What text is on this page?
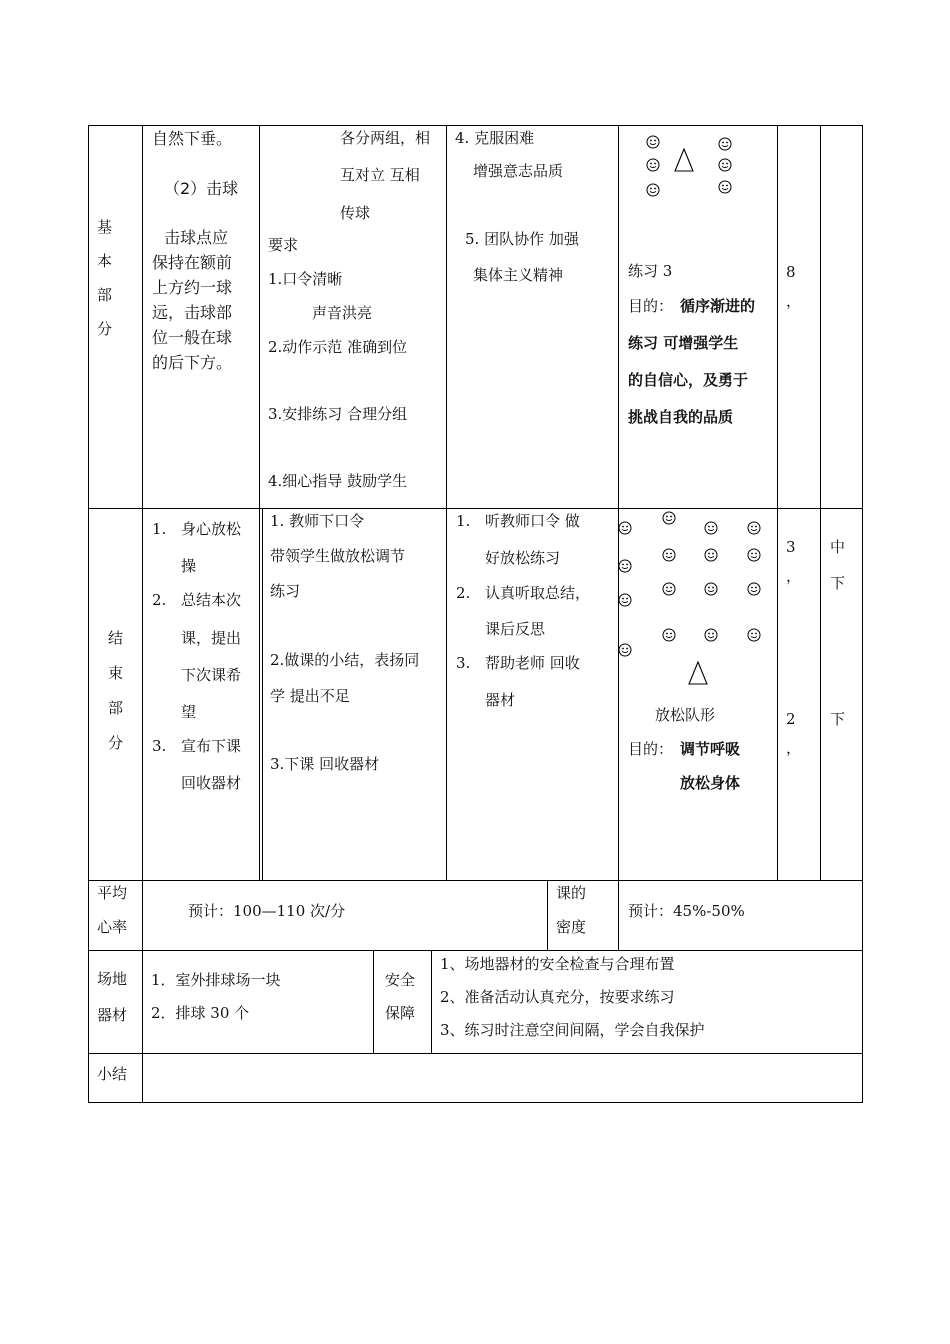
基
本
部
分
自然下垂。
（2）击球
击球点应
保持在额前
上方约一球
远，击球部
位一般在球
的后下方。
各分两组，相
互对立 互相
传球
要求
1.口令清晰
声音洪亮
2.动作示范 准确到位
3.安排练习 合理分组
4.细心指导 鼓励学生
4. 克服困难
增强意志品质
5. 团队协作 加强
集体主义精神	练习 3
目的： 循序渐进的
练习 可增强学生
的自信心，及勇于
挑战自我的品质
8
，
结
束
部
分
1. 身心放松
操
2. 总结本次
课，提出
下次课希
望
3. 宣布下课
回收器材
1. 教师下口令
带领学生做放松调节
练习
2.做课的小结，表扬同
学 提出不足
3.下课 回收器材
1. 听教师口令 做
好放松练习
2. 认真听取总结，
课后反思
3. 帮助老师 回收
器材
放松队形
目的： 调节呼吸
放松身体
3
，
2
，
中
下
下
平均
心率
预计：100—110 次/分
课的
密度
预计：45%-50%
场地
器材
1．室外排球场一块
2．排球 30 个
安全
保障
1、场地器材的安全检查与合理布置
2、准备活动认真充分，按要求练习
3、练习时注意空间间隔，学会自我保护
小结
